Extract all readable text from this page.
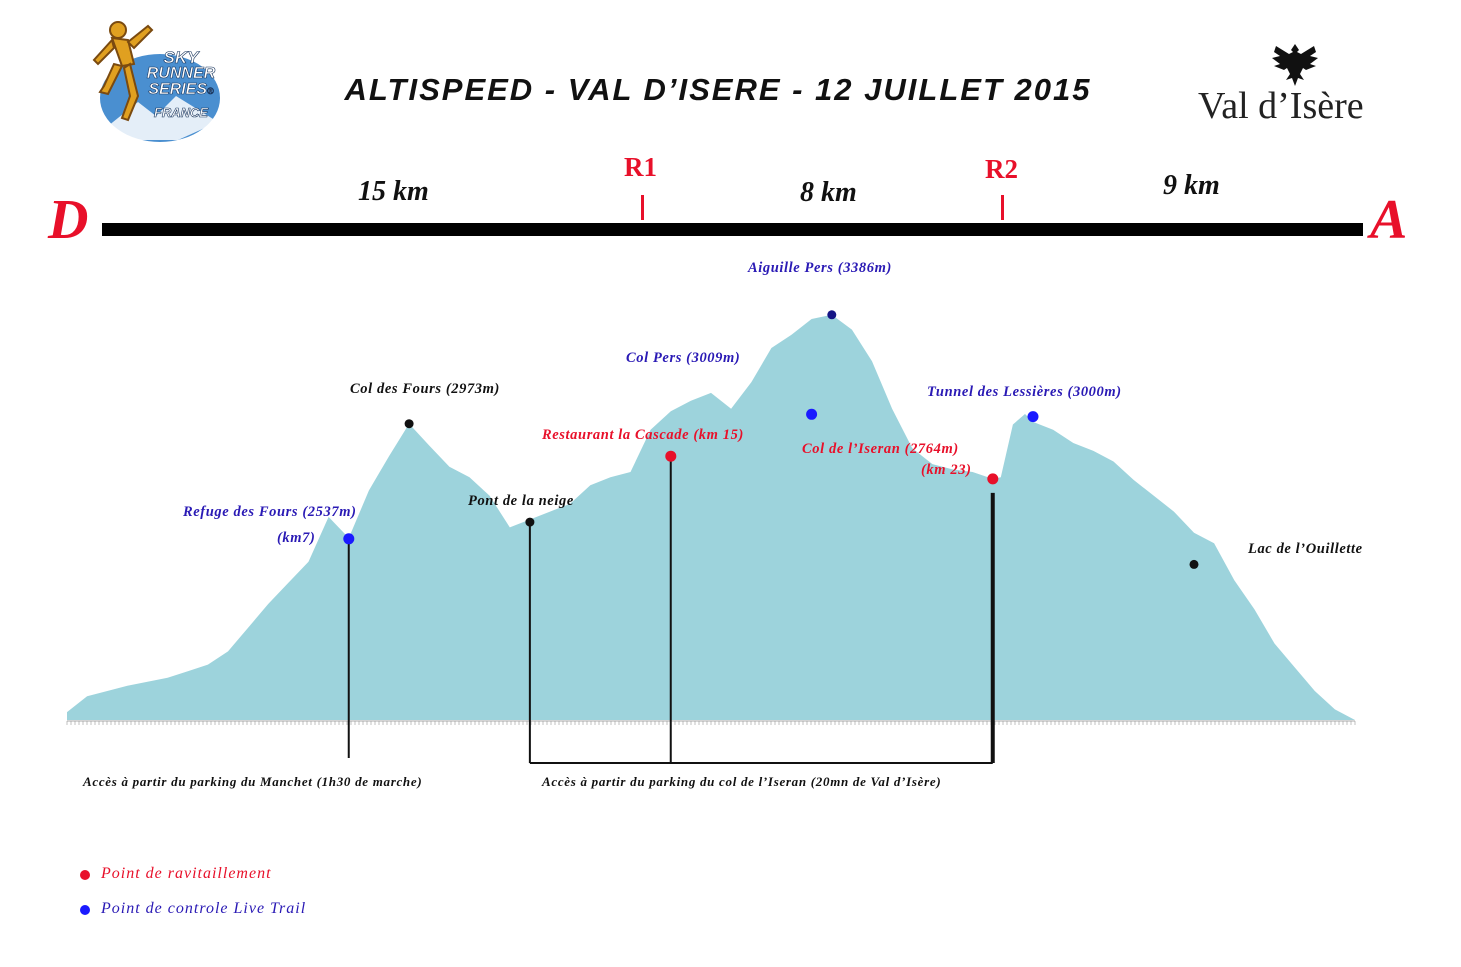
SKY
RUNNER
SERIES®
FRANCE
ALTISPEED - VAL D’ISERE - 12 JUILLET 2015	Val d’Isère
D	A
15 km	8 km	9 km
R1	R2
Refuge des Fours (2537m)
(km7)
Col des Fours (2973m)
Pont de la neige
Restaurant la Cascade (km 15)
Col Pers (3009m)
Aiguille Pers (3386m)
Col de l’Iseran (2764m)
(km 23)
Tunnel des Lessières (3000m)
Lac de l’Ouillette
Accès à partir du parking du Manchet (1h30 de marche)	Accès à partir du parking du col de l’Iseran (20mn de Val d’Isère)
Point de ravitaillement
Point de controle Live Trail
